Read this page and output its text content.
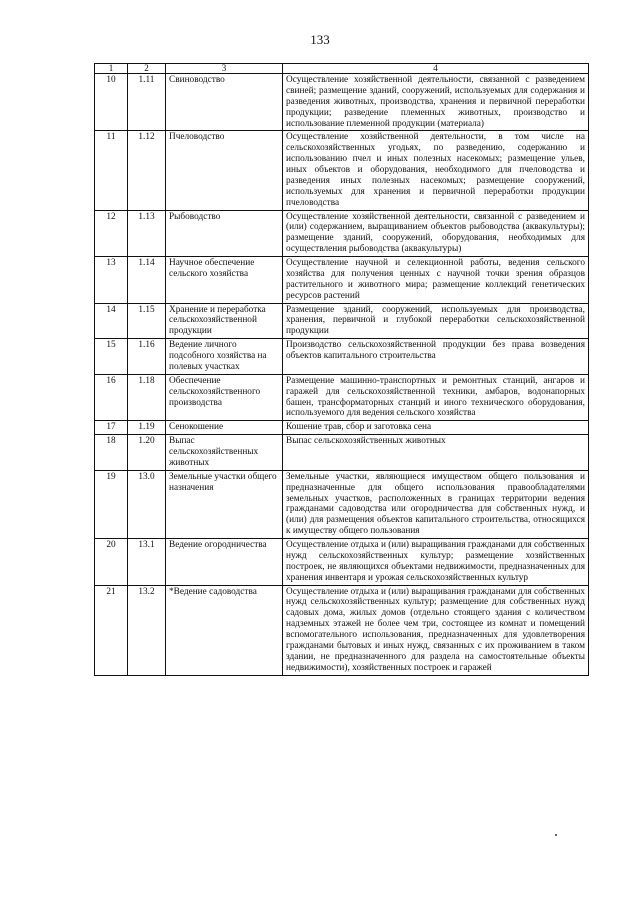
133
1	2	3	4
10	1.11	Свиноводство	Осуществление хозяйственной деятельности, связанной с разведением свиней; размещение зданий, сооружений, используемых для содержания и разведения животных, производства, хранения и первичной переработки продукции; разведение племенных животных, производство и использование племенной продукции (материала)
11	1.12	Пчеловодство	Осуществление хозяйственной деятельности, в том числе на сельскохозяйственных угодьях, по разведению, содержанию и использованию пчел и иных полезных насекомых; размещение ульев, иных объектов и оборудования, необходимого для пчеловодства и разведения иных полезных насекомых; размещение сооружений, используемых для хранения и первичной переработки продукции пчеловодства
12	1.13	Рыбоводство	Осуществление хозяйственной деятельности, связанной с разведением и (или) содержанием, выращиванием объектов рыбоводства (аквакультуры); размещение зданий, сооружений, оборудования, необходимых для осуществления рыбоводства (аквакультуры)
13	1.14	Научное обеспечение сельского хозяйства	Осуществление научной и селекционной работы, ведения сельского хозяйства для получения ценных с научной точки зрения образцов растительного и животного мира; размещение коллекций генетических ресурсов растений
14	1.15	Хранение и переработка сельскохозяйственной продукции	Размещение зданий, сооружений, используемых для производства, хранения, первичной и глубокой переработки сельскохозяйственной продукции
15	1.16	Ведение личного подсобного хозяйства на полевых участках	Производство сельскохозяйственной продукции без права возведения объектов капитального строительства
16	1.18	Обеспечение сельскохозяйственного производства	Размещение машинно-транспортных и ремонтных станций, ангаров и гаражей для сельскохозяйственной техники, амбаров, водонапорных башен, трансформаторных станций и иного технического оборудования, используемого для ведения сельского хозяйства
17	1.19	Сенокошение	Кошение трав, сбор и заготовка сена
18	1.20	Выпас сельскохозяйственных животных	Выпас сельскохозяйственных животных
19	13.0	Земельные участки общего назначения	Земельные участки, являющиеся имуществом общего пользования и предназначенные для общего использования правообладателями земельных участков, расположенных в границах территории ведения гражданами садоводства или огородничества для собственных нужд, и (или) для размещения объектов капитального строительства, относящихся к имуществу общего пользования
20	13.1	Ведение огородничества	Осуществление отдыха и (или) выращивания гражданами для собственных нужд сельскохозяйственных культур; размещение хозяйственных построек, не являющихся объектами недвижимости, предназначенных для хранения инвентаря и урожая сельскохозяйственных культур
21	13.2	*Ведение садоводства	Осуществление отдыха и (или) выращивания гражданами для собственных нужд сельскохозяйственных культур; размещение для собственных нужд садовых дома, жилых домов (отдельно стоящего здания с количеством надземных этажей не более чем три, состоящее из комнат и помещений вспомогательного использования, предназначенных для удовлетворения гражданами бытовых и иных нужд, связанных с их проживанием в таком здании, не предназначенного для раздела на самостоятельные объекты недвижимости), хозяйственных построек и гаражей
